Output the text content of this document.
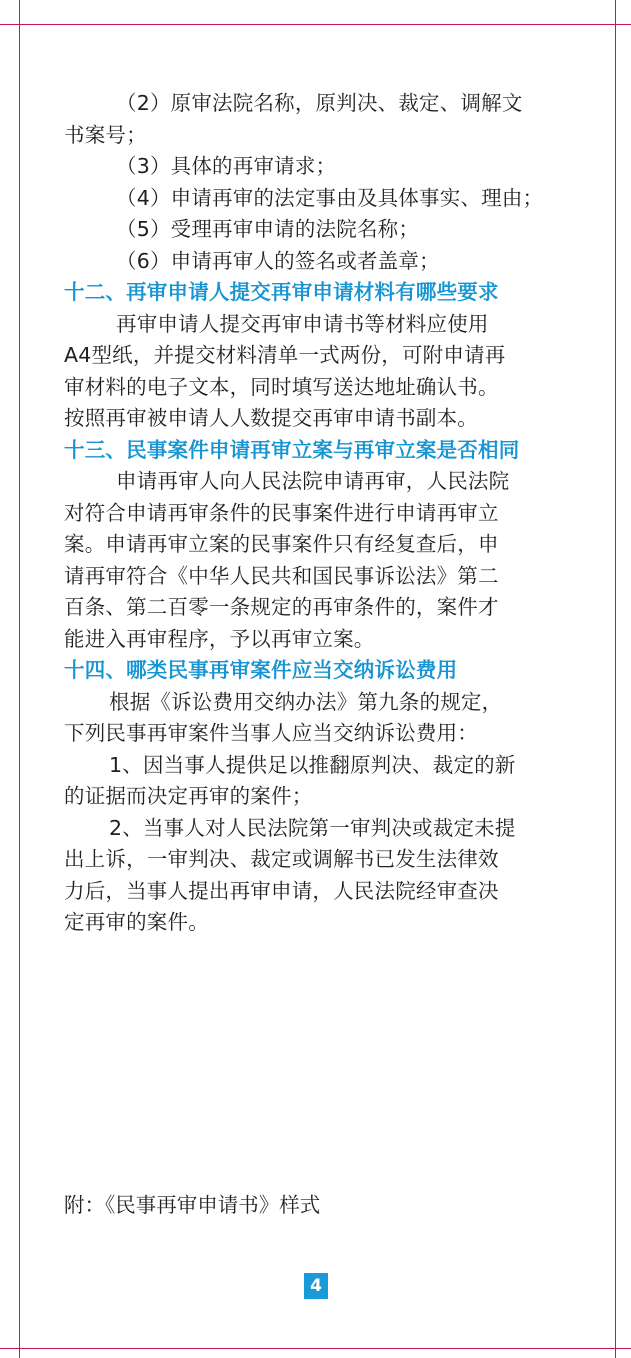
（2）原审法院名称，原判决、裁定、调解文
书案号；
（3）具体的再审请求；
（4）申请再审的法定事由及具体事实、理由；
（5）受理再审申请的法院名称；
（6）申请再审人的签名或者盖章；
十二、再审申请人提交再审申请材料有哪些要求
再审申请人提交再审申请书等材料应使用
A4型纸，并提交材料清单一式两份，可附申请再
审材料的电子文本，同时填写送达地址确认书。
按照再审被申请人人数提交再审申请书副本。
十三、民事案件申请再审立案与再审立案是否相同
申请再审人向人民法院申请再审，人民法院
对符合申请再审条件的民事案件进行申请再审立
案。申请再审立案的民事案件只有经复查后，申
请再审符合《中华人民共和国民事诉讼法》第二
百条、第二百零一条规定的再审条件的，案件才
能进入再审程序，予以再审立案。
十四、哪类民事再审案件应当交纳诉讼费用
根据《诉讼费用交纳办法》第九条的规定，
下列民事再审案件当事人应当交纳诉讼费用：
1、因当事人提供足以推翻原判决、裁定的新
的证据而决定再审的案件；
2、当事人对人民法院第一审判决或裁定未提
出上诉，一审判决、裁定或调解书已发生法律效
力后，当事人提出再审申请，人民法院经审查决
定再审的案件。
附：《民事再审申请书》样式
4
